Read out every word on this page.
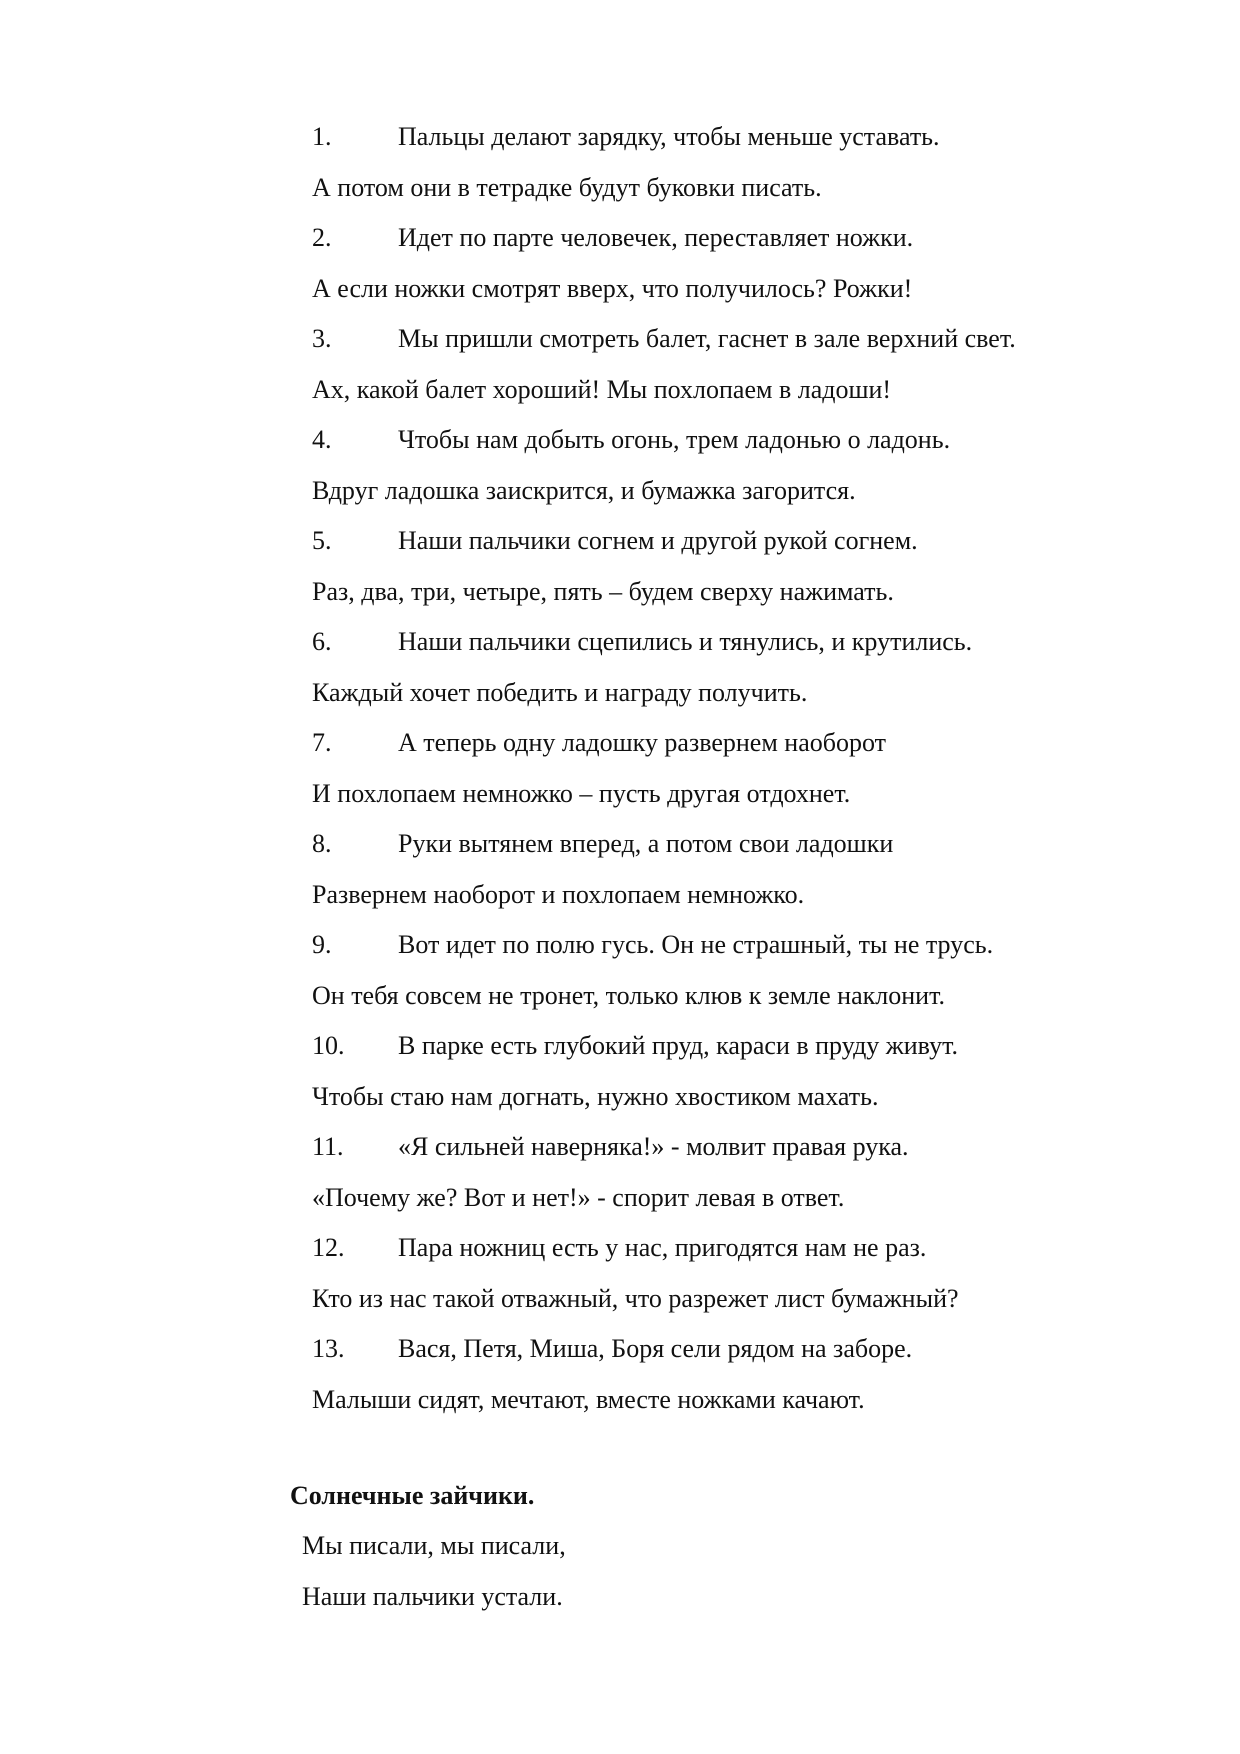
1.	Пальцы делают зарядку, чтобы меньше уставать.
А потом они в тетрадке будут буковки писать.
2.	Идет по парте человечек, переставляет ножки.
А если ножки смотрят вверх, что получилось? Рожки!
3.	Мы пришли смотреть балет, гаснет в зале верхний свет.
Ах, какой балет хороший! Мы похлопаем в ладоши!
4.	Чтобы нам добыть огонь, трем ладонью о ладонь.
Вдруг ладошка заискрится, и бумажка загорится.
5.	Наши пальчики согнем и другой рукой согнем.
Раз, два, три, четыре, пять – будем сверху нажимать.
6.	Наши пальчики сцепились и тянулись, и крутились.
Каждый хочет победить и награду получить.
7.	А теперь одну ладошку развернем наоборот
И похлопаем немножко – пусть другая отдохнет.
8.	Руки вытянем вперед, а потом свои ладошки
Развернем наоборот и похлопаем немножко.
9.	Вот идет по полю гусь. Он не страшный, ты не трусь.
Он тебя совсем не тронет, только клюв к земле наклонит.
10. В парке есть глубокий пруд, караси в пруду живут.
Чтобы стаю нам догнать, нужно хвостиком махать.
11. «Я сильней наверняка!» - молвит правая рука.
«Почему же? Вот и нет!» - спорит левая в ответ.
12. Пара ножниц есть у нас, пригодятся нам не раз.
Кто из нас такой отважный, что разрежет лист бумажный?
13. Вася, Петя, Миша, Боря сели рядом на заборе.
Малыши сидят, мечтают, вместе ножками качают.
Солнечные зайчики.
Мы писали, мы писали,
Наши пальчики устали.
